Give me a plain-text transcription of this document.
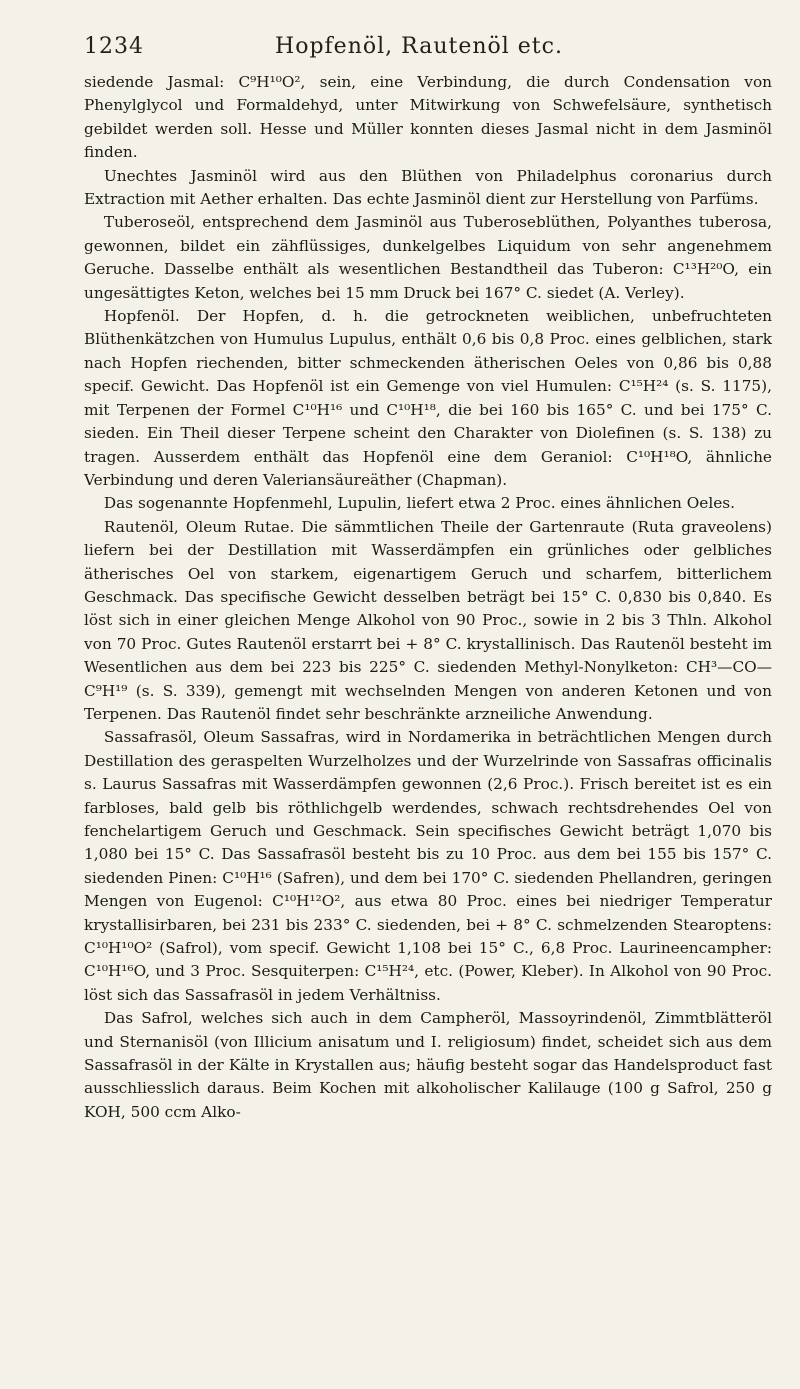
1234	Hopfenöl, Rautenöl etc.

siedende Jasmal: C⁹H¹⁰O², sein, eine Verbindung, die durch Condensation von Phenylglycol und Formaldehyd, unter Mitwirkung von Schwefelsäure, synthetisch gebildet werden soll. Hesse und Müller konnten dieses Jasmal nicht in dem Jasminöl finden.

Unechtes Jasminöl wird aus den Blüthen von Philadelphus coronarius durch Extraction mit Aether erhalten. Das echte Jasminöl dient zur Herstellung von Parfüms.

Tuberoseöl, entsprechend dem Jasminöl aus Tuberoseblüthen, Polyanthes tuberosa, gewonnen, bildet ein zähflüssiges, dunkelgelbes Liquidum von sehr angenehmem Geruche. Dasselbe enthält als wesentlichen Bestandtheil das Tuberon: C¹³H²⁰O, ein ungesättigtes Keton, welches bei 15 mm Druck bei 167° C. siedet (A. Verley).

Hopfenöl. Der Hopfen, d. h. die getrockneten weiblichen, unbefruchteten Blüthenkätzchen von Humulus Lupulus, enthält 0,6 bis 0,8 Proc. eines gelblichen, stark nach Hopfen riechenden, bitter schmeckenden ätherischen Oeles von 0,86 bis 0,88 specif. Gewicht. Das Hopfenöl ist ein Gemenge von viel Humulen: C¹⁵H²⁴ (s. S. 1175), mit Terpenen der Formel C¹⁰H¹⁶ und C¹⁰H¹⁸, die bei 160 bis 165° C. und bei 175° C. sieden. Ein Theil dieser Terpene scheint den Charakter von Diolefinen (s. S. 138) zu tragen. Ausserdem enthält das Hopfenöl eine dem Geraniol: C¹⁰H¹⁸O, ähnliche Verbindung und deren Valeriansäureäther (Chapman).

Das sogenannte Hopfenmehl, Lupulin, liefert etwa 2 Proc. eines ähnlichen Oeles.

Rautenöl, Oleum Rutae. Die sämmtlichen Theile der Gartenraute (Ruta graveolens) liefern bei der Destillation mit Wasserdämpfen ein grünliches oder gelbliches ätherisches Oel von starkem, eigenartigem Geruch und scharfem, bitterlichem Geschmack. Das specifische Gewicht desselben beträgt bei 15° C. 0,830 bis 0,840. Es löst sich in einer gleichen Menge Alkohol von 90 Proc., sowie in 2 bis 3 Thln. Alkohol von 70 Proc. Gutes Rautenöl erstarrt bei + 8° C. krystallinisch. Das Rautenöl besteht im Wesentlichen aus dem bei 223 bis 225° C. siedenden Methyl-Nonylketon: CH³—CO—C⁹H¹⁹ (s. S. 339), gemengt mit wechselnden Mengen von anderen Ketonen und von Terpenen. Das Rautenöl findet sehr beschränkte arzneiliche Anwendung.

Sassafrasöl, Oleum Sassafras, wird in Nordamerika in beträchtlichen Mengen durch Destillation des geraspelten Wurzelholzes und der Wurzelrinde von Sassafras officinalis s. Laurus Sassafras mit Wasserdämpfen gewonnen (2,6 Proc.). Frisch bereitet ist es ein farbloses, bald gelb bis röthlichgelb werdendes, schwach rechtsdrehendes Oel von fenchelartigem Geruch und Geschmack. Sein specifisches Gewicht beträgt 1,070 bis 1,080 bei 15° C. Das Sassafrasöl besteht bis zu 10 Proc. aus dem bei 155 bis 157° C. siedenden Pinen: C¹⁰H¹⁶ (Safren), und dem bei 170° C. siedenden Phellandren, geringen Mengen von Eugenol: C¹⁰H¹²O², aus etwa 80 Proc. eines bei niedriger Temperatur krystallisirbaren, bei 231 bis 233° C. siedenden, bei + 8° C. schmelzenden Stearoptens: C¹⁰H¹⁰O² (Safrol), vom specif. Gewicht 1,108 bei 15° C., 6,8 Proc. Laurineencampher: C¹⁰H¹⁶O, und 3 Proc. Sesquiterpen: C¹⁵H²⁴, etc. (Power, Kleber). In Alkohol von 90 Proc. löst sich das Sassafrasöl in jedem Verhältniss.

Das Safrol, welches sich auch in dem Campheröl, Massoyrindenöl, Zimmtblätteröl und Sternanisöl (von Illicium anisatum und I. religiosum) findet, scheidet sich aus dem Sassafrasöl in der Kälte in Krystallen aus; häufig besteht sogar das Handelsproduct fast ausschliesslich daraus. Beim Kochen mit alkoholischer Kalilauge (100 g Safrol, 250 g KOH, 500 ccm Alko-
